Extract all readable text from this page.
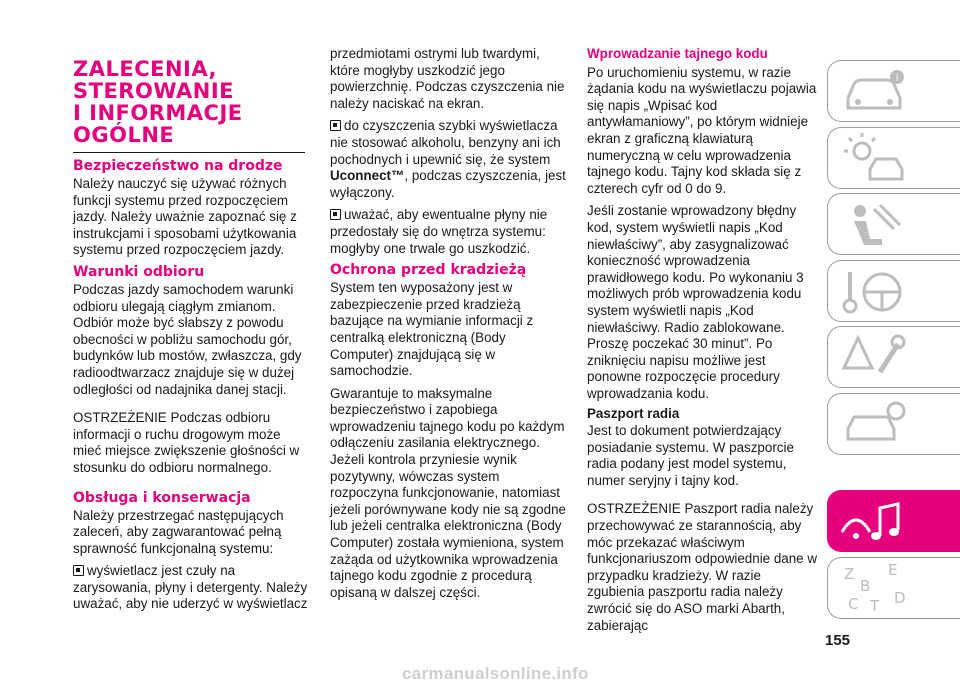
ZALECENIA,
STEROWANIE
I INFORMACJE
OGÓLNE
Bezpieczeństwo na drodze

Należy nauczyć się używać różnych funkcji systemu przed rozpoczęciem jazdy. Należy uważnie zapoznać się z instrukcjami i sposobami użytkowania systemu przed rozpoczęciem jazdy.

Warunki odbioru

Podczas jazdy samochodem warunki odbioru ulegają ciągłym zmianom. Odbiór może być słabszy z powodu obecności w pobliżu samochodu gór, budynków lub mostów, zwłaszcza, gdy radioodtwarzacz znajduje się w dużej odległości od nadajnika danej stacji.

OSTRZEŻENIE Podczas odbioru informacji o ruchu drogowym może mieć miejsce zwiększenie głośności w stosunku do odbioru normalnego.

Obsługa i konserwacja

Należy przestrzegać następujących zaleceń, aby zagwarantować pełną sprawność funkcjonalną systemu:

wyświetlacz jest czuły na zarysowania, płyny i detergenty. Należy uważać, aby nie uderzyć w wyświetlacz

przedmiotami ostrymi lub twardymi, które mogłyby uszkodzić jego powierzchnię. Podczas czyszczenia nie należy naciskać na ekran.

do czyszczenia szybki wyświetlacza nie stosować alkoholu, benzyny ani ich pochodnych i upewnić się, że system Uconnect™, podczas czyszczenia, jest wyłączony.

uważać, aby ewentualne płyny nie przedostały się do wnętrza systemu: mogłyby one trwale go uszkodzić.

Ochrona przed kradzieżą

System ten wyposażony jest w zabezpieczenie przed kradzieżą bazujące na wymianie informacji z centralką elektroniczną (Body Computer) znajdującą się w samochodzie.

Gwarantuje to maksymalne bezpieczeństwo i zapobiega wprowadzeniu tajnego kodu po każdym odłączeniu zasilania elektrycznego. Jeżeli kontrola przyniesie wynik pozytywny, wówczas system rozpoczyna funkcjonowanie, natomiast jeżeli porównywane kody nie są zgodne lub jeżeli centralka elektroniczna (Body Computer) została wymieniona, system zażąda od użytkownika wprowadzenia tajnego kodu zgodnie z procedurą opisaną w dalszej części.

Wprowadzanie tajnego kodu

Po uruchomieniu systemu, w razie żądania kodu na wyświetlaczu pojawia się napis „Wpisać kod antywłamaniowy”, po którym widnieje ekran z graficzną klawiaturą numeryczną w celu wprowadzenia tajnego kodu. Tajny kod składa się z czterech cyfr od 0 do 9.

Jeśli zostanie wprowadzony błędny kod, system wyświetli napis „Kod niewłaściwy”, aby zasygnalizować konieczność wprowadzenia prawidłowego kodu. Po wykonaniu 3 możliwych prób wprowadzenia kodu system wyświetli napis „Kod niewłaściwy. Radio zablokowane. Proszę poczekać 30 minut”. Po zniknięciu napisu możliwe jest ponowne rozpoczęcie procedury wprowadzania kodu.

Paszport radia

Jest to dokument potwierdzający posiadanie systemu. W paszporcie radia podany jest model systemu, numer seryjny i tajny kod.

OSTRZEŻENIE Paszport radia należy przechowywać ze starannością, aby móc przekazać właściwym funkcjonariuszom odpowiednie dane w przypadku kradzieży. W razie zgubienia paszportu radia należy zwrócić się do ASO marki Abarth, zabierając

i
Z E
B
C T D
155
carmanualsonline.info
